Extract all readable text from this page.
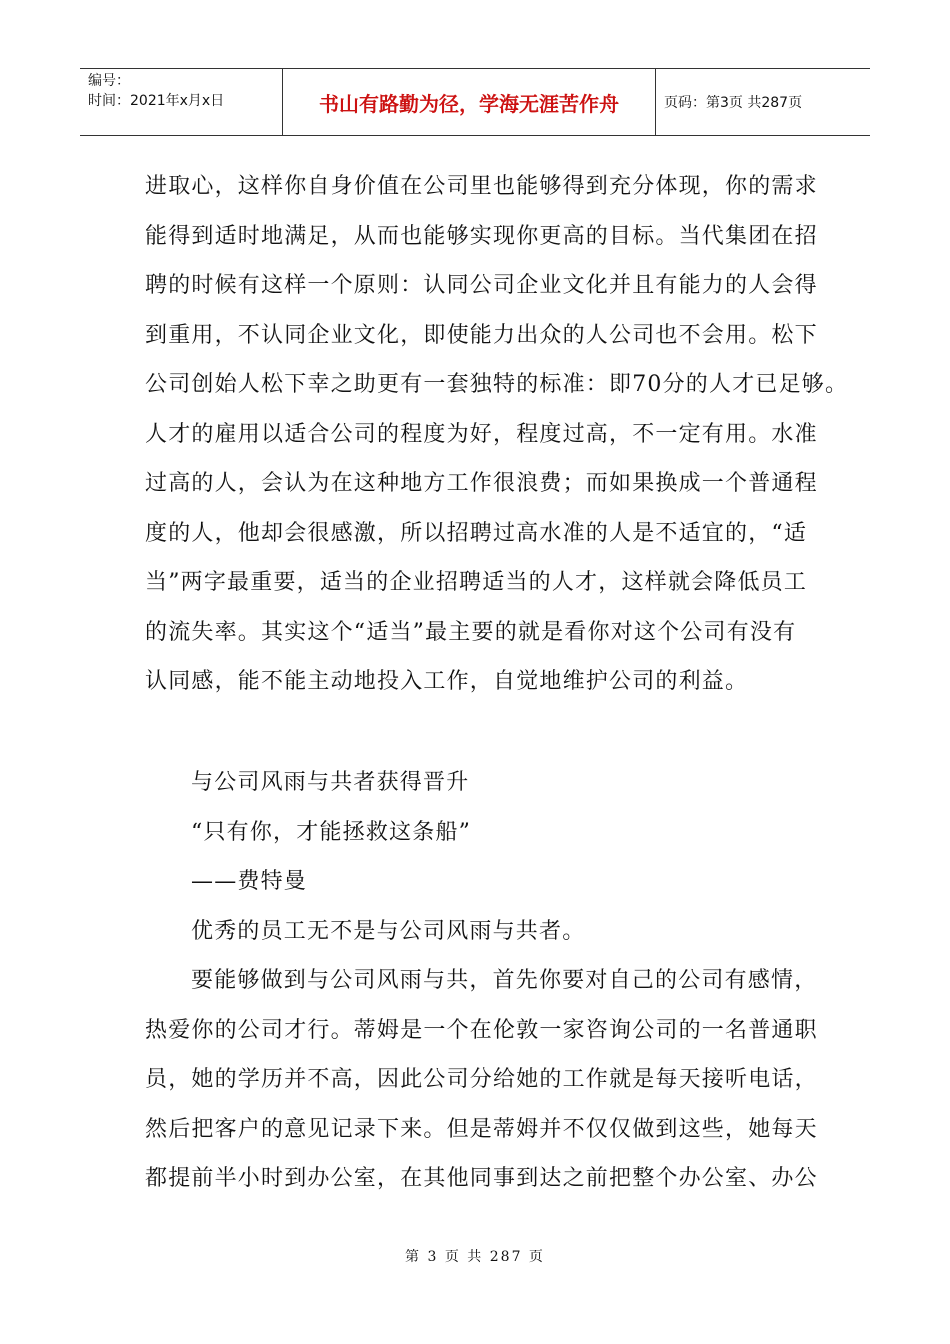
编号：
时间：2021年x月x日	书山有路勤为径，学海无涯苦作舟	页码：第3页 共287页

进取心，这样你自身价值在公司里也能够得到充分体现，你的需求

能得到适时地满足，从而也能够实现你更高的目标。当代集团在招

聘的时候有这样一个原则：认同公司企业文化并且有能力的人会得

到重用，不认同企业文化，即使能力出众的人公司也不会用。松下

公司创始人松下幸之助更有一套独特的标准：即70分的人才已足够。

人才的雇用以适合公司的程度为好，程度过高，不一定有用。水准

过高的人，会认为在这种地方工作很浪费；而如果换成一个普通程

度的人，他却会很感激，所以招聘过高水准的人是不适宜的，“适

当”两字最重要，适当的企业招聘适当的人才，这样就会降低员工

的流失率。其实这个“适当”最主要的就是看你对这个公司有没有

认同感，能不能主动地投入工作，自觉地维护公司的利益。

与公司风雨与共者获得晋升

“只有你，才能拯救这条船”

——费特曼

优秀的员工无不是与公司风雨与共者。

要能够做到与公司风雨与共，首先你要对自己的公司有感情，

热爱你的公司才行。蒂姆是一个在伦敦一家咨询公司的一名普通职

员，她的学历并不高，因此公司分给她的工作就是每天接听电话，

然后把客户的意见记录下来。但是蒂姆并不仅仅做到这些，她每天

都提前半小时到办公室，在其他同事到达之前把整个办公室、办公

第 3 页 共 287 页
